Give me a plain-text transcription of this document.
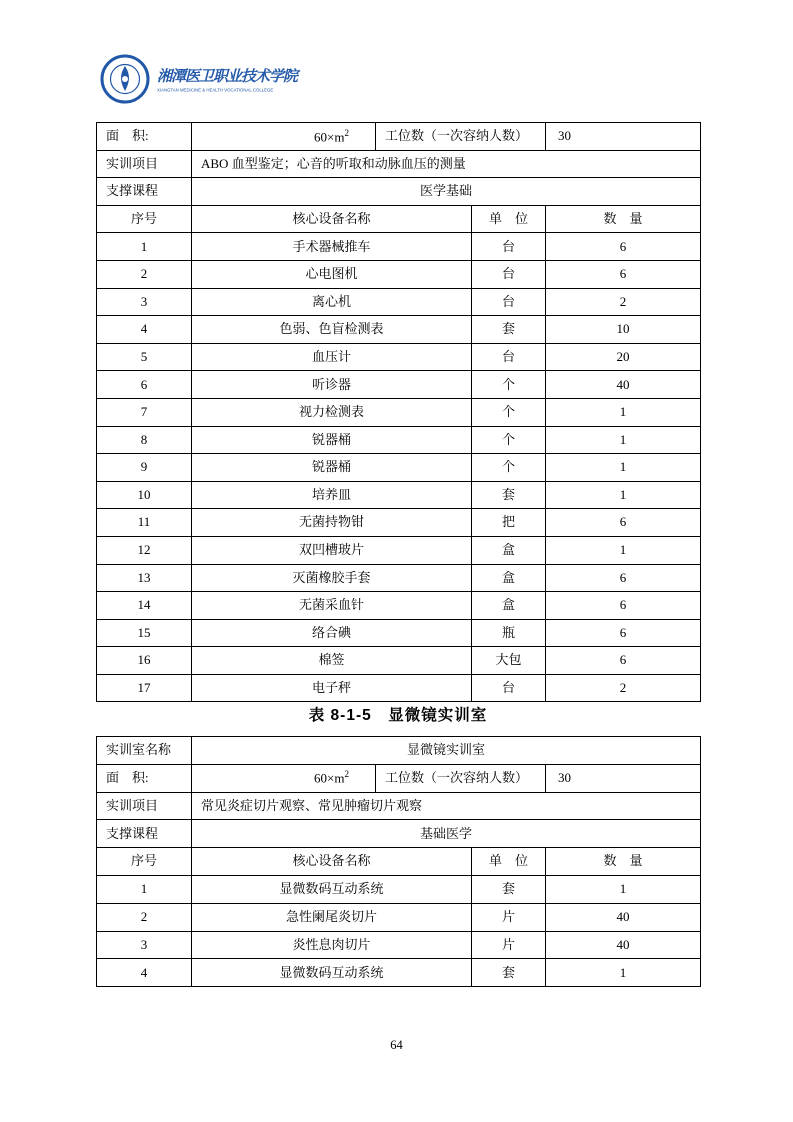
湘潭医卫职业技术学院
XIANGTAN MEDICINE & HEALTH VOCATIONAL COLLEGE
面　积:	$60\times m^2$	工位数（一次容纳人数）		30
实训项目	ABO 血型鉴定；心音的听取和动脉血压的测量			
支撑课程	医学基础			
序号	核心设备名称		单　位	数　量
1	手术器械推车		台	6
2	心电图机		台	6
3	离心机		台	2
4	色弱、色盲检测表		套	10
5	血压计		台	20
6	听诊器		个	40
7	视力检测表		个	1
8	锐器桶		个	1
9	锐器桶		个	1
10	培养皿		套	1
11	无菌持物钳		把	6
12	双凹槽玻片		盒	1
13	灭菌橡胶手套		盒	6
14	无菌采血针		盒	6
15	络合碘		瓶	6
16	棉签		大包	6
17	电子秤		台	2
表 8-1-5　显微镜实训室
实训室名称	显微镜实训室			
面　积:	$60\times m^2$	工位数（一次容纳人数）		30
实训项目	常见炎症切片观察、常见肿瘤切片观察			
支撑课程	基础医学			
序号	核心设备名称		单　位	数　量
1	显微数码互动系统		套	1
2	急性阑尾炎切片		片	40
3	炎性息肉切片		片	40
4	显微数码互动系统		套	1
64
